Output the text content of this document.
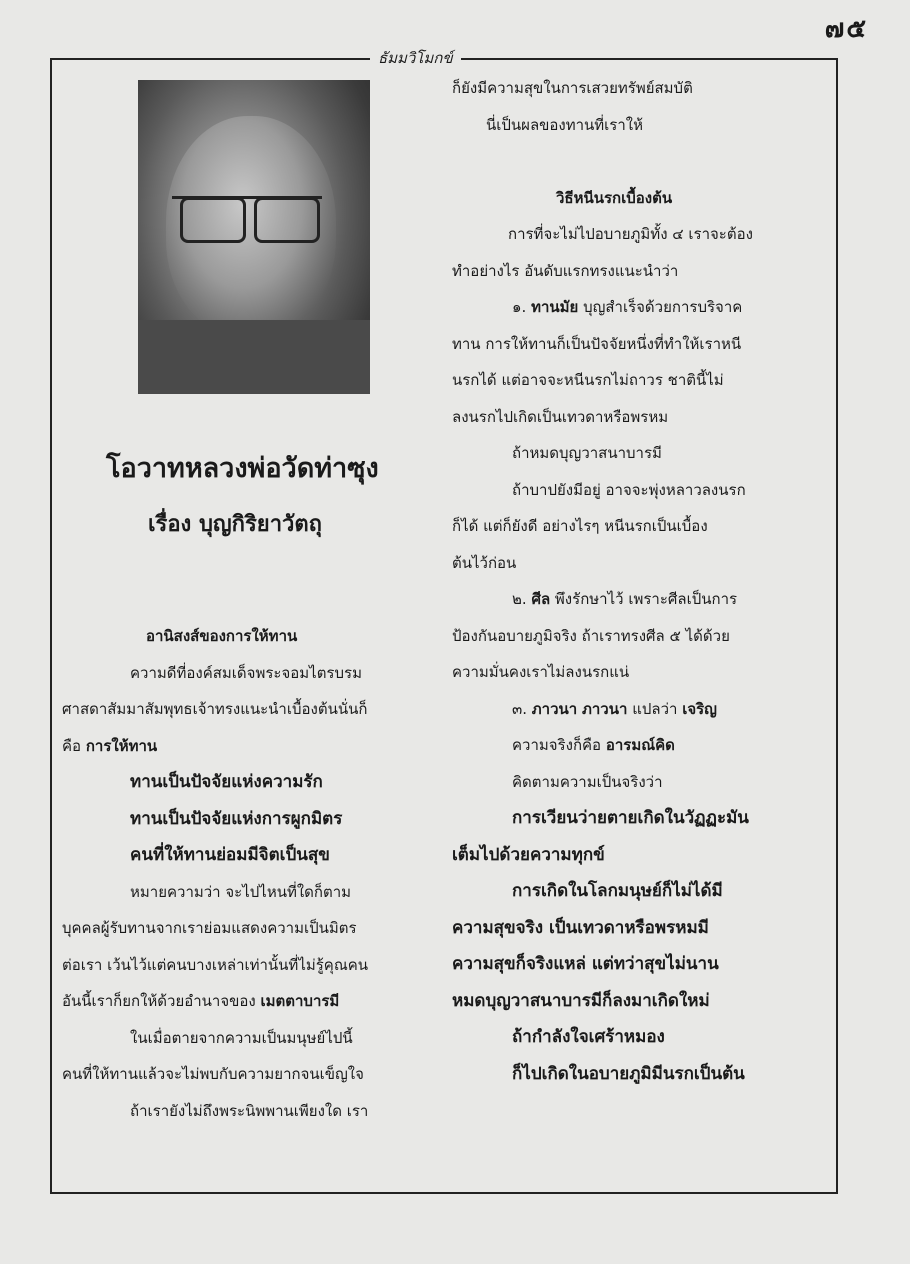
๗๕
ธัมมวิโมกข์
โอวาทหลวงพ่อวัดท่าซุง
เรื่อง บุญกิริยาวัตถุ

อานิสงส์ของการให้ทาน

ความดีที่องค์สมเด็จพระจอมไตรบรม

ศาสดาสัมมาสัมพุทธเจ้าทรงแนะนำเบื้องต้นนั่นก็

คือ การให้ทาน

ทานเป็นปัจจัยแห่งความรัก

ทานเป็นปัจจัยแห่งการผูกมิตร

คนที่ให้ทานย่อมมีจิตเป็นสุข

หมายความว่า จะไปไหนที่ใดก็ตาม

บุคคลผู้รับทานจากเราย่อมแสดงความเป็นมิตร

ต่อเรา เว้นไว้แต่คนบางเหล่าเท่านั้นที่ไม่รู้คุณคน

อันนี้เราก็ยกให้ด้วยอำนาจของ เมตตาบารมี

ในเมื่อตายจากความเป็นมนุษย์ไปนี้

คนที่ให้ทานแล้วจะไม่พบกับความยากจนเข็ญใจ

ถ้าเรายังไม่ถึงพระนิพพานเพียงใด เรา

ก็ยังมีความสุขในการเสวยทรัพย์สมบัติ

นี่เป็นผลของทานที่เราให้

วิธีหนีนรกเบื้องต้น

การที่จะไม่ไปอบายภูมิทั้ง ๔ เราจะต้อง

ทำอย่างไร อันดับแรกทรงแนะนำว่า

๑. ทานมัย บุญสำเร็จด้วยการบริจาค

ทาน การให้ทานก็เป็นปัจจัยหนึ่งที่ทำให้เราหนี

นรกได้ แต่อาจจะหนีนรกไม่ถาวร ชาตินี้ไม่

ลงนรกไปเกิดเป็นเทวดาหรือพรหม

ถ้าหมดบุญวาสนาบารมี

ถ้าบาปยังมีอยู่ อาจจะพุ่งหลาวลงนรก

ก็ได้ แต่ก็ยังดี อย่างไรๆ หนีนรกเป็นเบื้อง

ต้นไว้ก่อน

๒. ศีล พึงรักษาไว้ เพราะศีลเป็นการ

ป้องกันอบายภูมิจริง ถ้าเราทรงศีล ๕ ได้ด้วย

ความมั่นคงเราไม่ลงนรกแน่

๓. ภาวนา ภาวนา แปลว่า เจริญ

ความจริงก็คือ อารมณ์คิด

คิดตามความเป็นจริงว่า

การเวียนว่ายตายเกิดในวัฏฏะมัน

เต็มไปด้วยความทุกข์

การเกิดในโลกมนุษย์ก็ไม่ได้มี

ความสุขจริง เป็นเทวดาหรือพรหมมี

ความสุขก็จริงแหล่ แต่ทว่าสุขไม่นาน

หมดบุญวาสนาบารมีก็ลงมาเกิดใหม่

ถ้ากำลังใจเศร้าหมอง

ก็ไปเกิดในอบายภูมิมีนรกเป็นต้น
